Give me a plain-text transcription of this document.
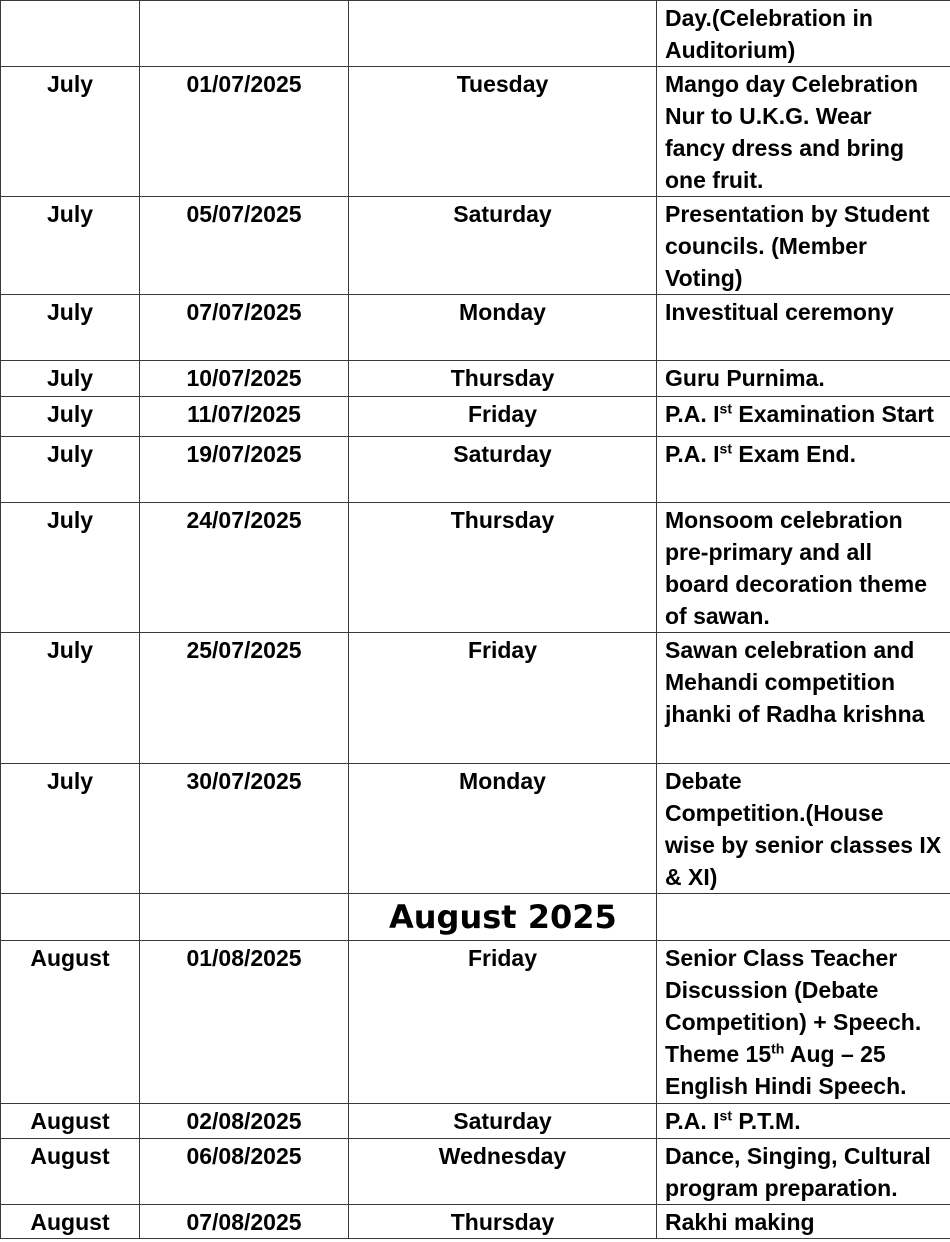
			Day.(Celebration in
Auditorium)

July	01/07/2025	Tuesday	Mango day Celebration
Nur to U.K.G. Wear
fancy dress and bring
one fruit.

July	05/07/2025	Saturday	Presentation by Student
councils. (Member
Voting)

July	07/07/2025	Monday	Investitual ceremony

July	10/07/2025	Thursday	Guru Purnima.

July	11/07/2025	Friday	P.A. Ist Examination Start

July	19/07/2025	Saturday	P.A. Ist Exam End.

July	24/07/2025	Thursday	Monsoom celebration
pre-primary and all
board decoration theme
of sawan.

July	25/07/2025	Friday	Sawan celebration and
Mehandi competition
jhanki of Radha krishna

July	30/07/2025	Monday	Debate
Competition.(House
wise by senior classes IX
& XI)

		August 2025	
August	01/08/2025	Friday	Senior Class Teacher
Discussion (Debate
Competition) + Speech.
Theme 15th Aug – 25
English Hindi Speech.

August	02/08/2025	Saturday	P.A. Ist P.T.M.

August	06/08/2025	Wednesday	Dance, Singing, Cultural
program preparation.

August	07/08/2025	Thursday	Rakhi making
